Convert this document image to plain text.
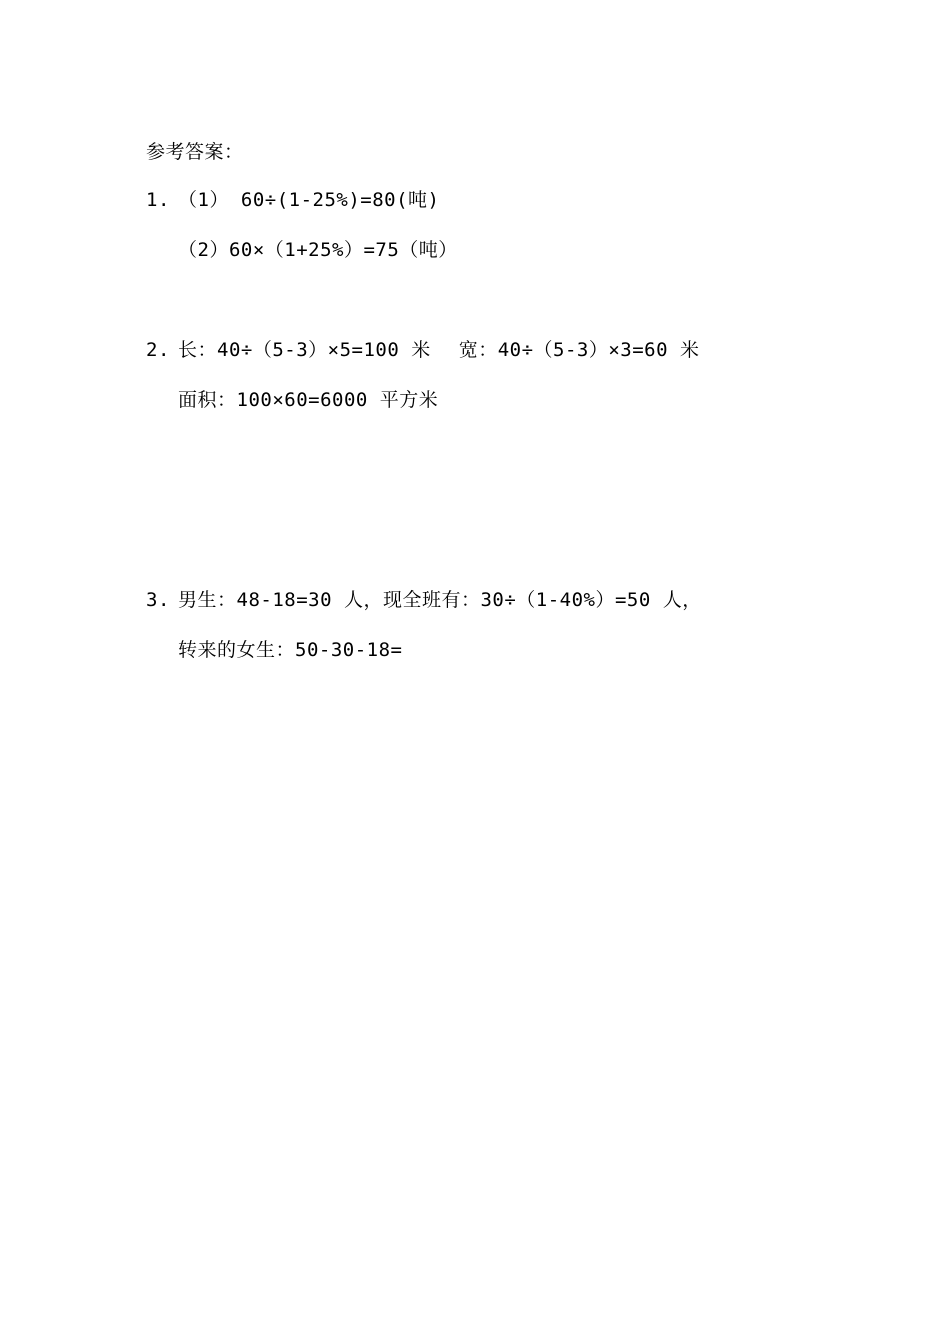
参考答案：
1. （1） 60÷(1-25%)=80(吨)
（2）60×（1+25%）=75（吨）
2. 长：40÷（5-3）×5=100 米 宽：40÷（5-3）×3=60 米
面积：100×60=6000 平方米
3. 男生：48-18=30 人，现全班有：30÷（1-40%）=50 人，
转来的女生：50-30-18=
